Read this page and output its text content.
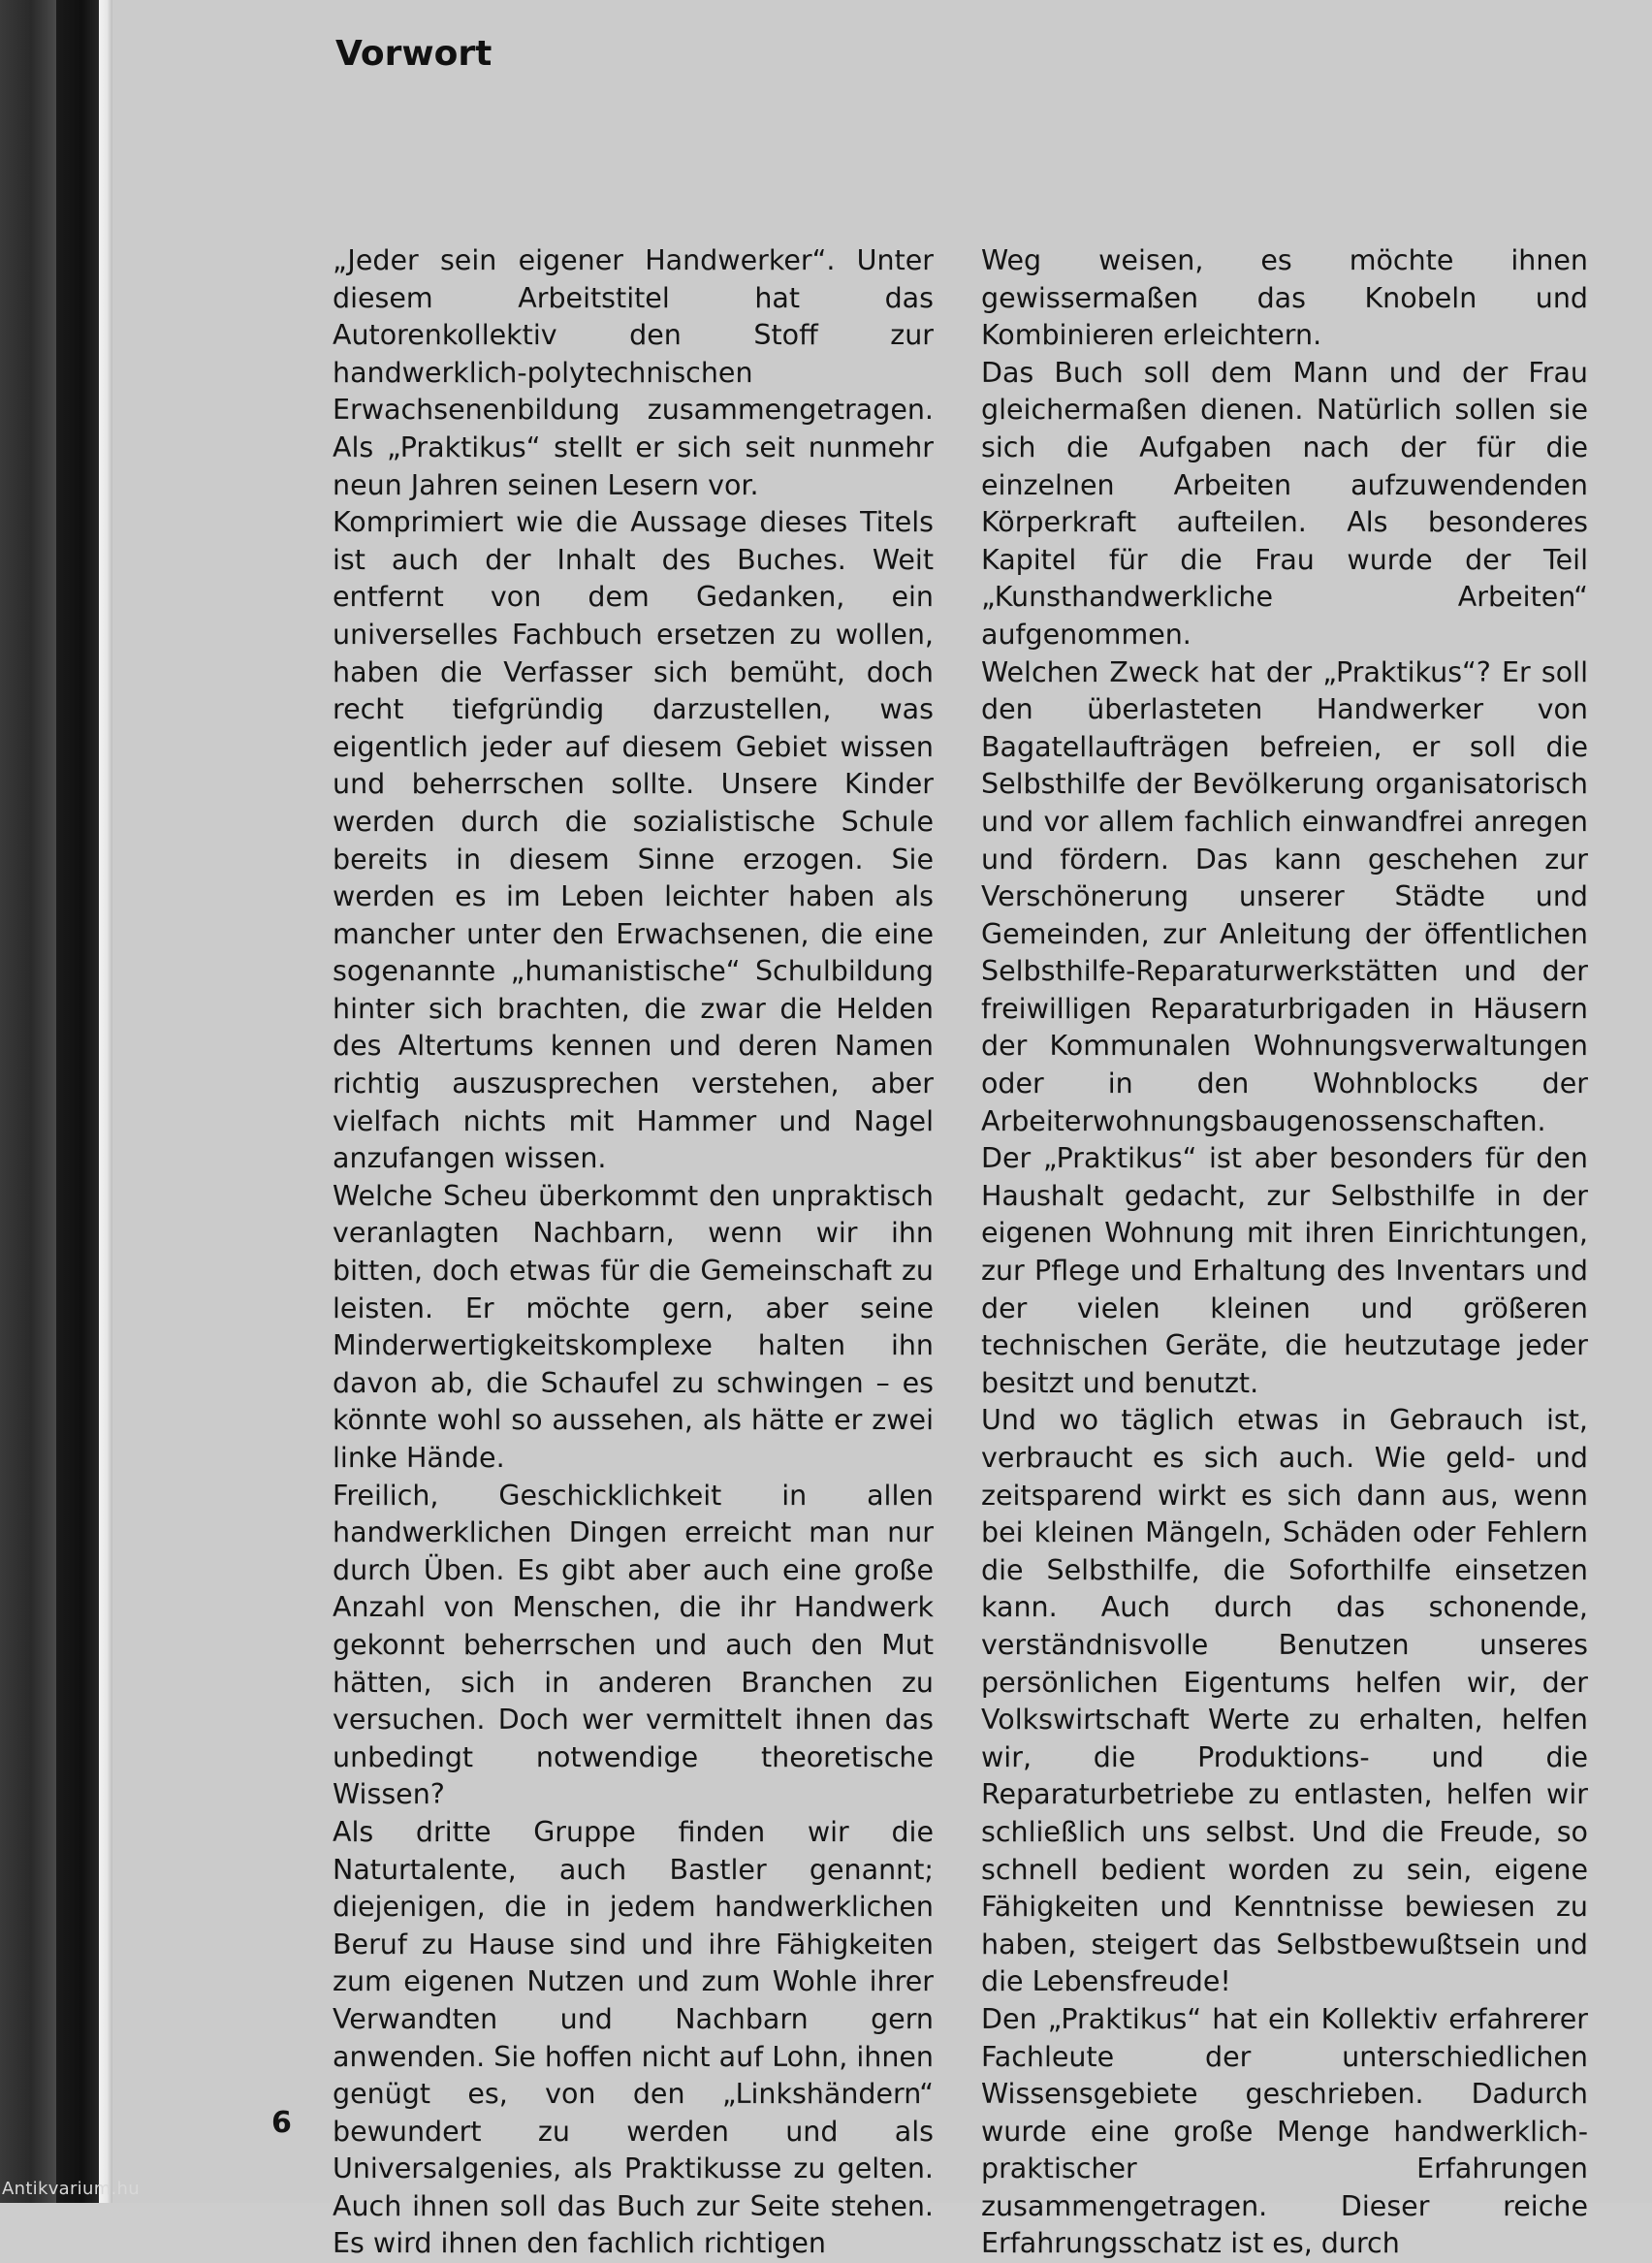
Vorwort

„Jeder sein eigener Handwerker“. Unter diesem Arbeitstitel hat das Autorenkollektiv den Stoff zur handwerklich-polytechnischen Erwachsenenbildung zusammengetragen. Als „Praktikus“ stellt er sich seit nunmehr neun Jahren seinen Lesern vor.

Komprimiert wie die Aussage dieses Titels ist auch der Inhalt des Buches. Weit entfernt von dem Gedanken, ein universelles Fachbuch ersetzen zu wollen, haben die Verfasser sich bemüht, doch recht tiefgründig darzustellen, was eigentlich jeder auf diesem Gebiet wissen und beherrschen sollte. Unsere Kinder werden durch die sozialistische Schule bereits in diesem Sinne erzogen. Sie werden es im Leben leichter haben als mancher unter den Erwachsenen, die eine sogenannte „humanistische“ Schulbildung hinter sich brachten, die zwar die Helden des Altertums kennen und deren Namen richtig auszusprechen verstehen, aber vielfach nichts mit Hammer und Nagel anzufangen wissen.

Welche Scheu überkommt den unpraktisch veranlagten Nachbarn, wenn wir ihn bitten, doch etwas für die Gemeinschaft zu leisten. Er möchte gern, aber seine Minderwertigkeitskomplexe halten ihn davon ab, die Schaufel zu schwingen – es könnte wohl so aussehen, als hätte er zwei linke Hände.

Freilich, Geschicklichkeit in allen handwerklichen Dingen erreicht man nur durch Üben. Es gibt aber auch eine große Anzahl von Menschen, die ihr Handwerk gekonnt beherrschen und auch den Mut hätten, sich in anderen Branchen zu versuchen. Doch wer vermittelt ihnen das unbedingt notwendige theoretische Wissen?

Als dritte Gruppe finden wir die Naturtalente, auch Bastler genannt; diejenigen, die in jedem handwerklichen Beruf zu Hause sind und ihre Fähigkeiten zum eigenen Nutzen und zum Wohle ihrer Verwandten und Nachbarn gern anwenden. Sie hoffen nicht auf Lohn, ihnen genügt es, von den „Linkshändern“ bewundert zu werden und als Universalgenies, als Praktikusse zu gelten. Auch ihnen soll das Buch zur Seite stehen. Es wird ihnen den fachlich richtigen

Weg weisen, es möchte ihnen gewissermaßen das Knobeln und Kombinieren erleichtern.

Das Buch soll dem Mann und der Frau gleichermaßen dienen. Natürlich sollen sie sich die Aufgaben nach der für die einzelnen Arbeiten aufzuwendenden Körperkraft aufteilen. Als besonderes Kapitel für die Frau wurde der Teil „Kunsthandwerkliche Arbeiten“ aufgenommen.

Welchen Zweck hat der „Praktikus“? Er soll den überlasteten Handwerker von Bagatellaufträgen befreien, er soll die Selbsthilfe der Bevölkerung organisatorisch und vor allem fachlich einwandfrei anregen und fördern. Das kann geschehen zur Verschönerung unserer Städte und Gemeinden, zur Anleitung der öffentlichen Selbsthilfe-Reparaturwerkstätten und der freiwilligen Reparaturbrigaden in Häusern der Kommunalen Wohnungsverwaltungen oder in den Wohnblocks der Arbeiterwohnungsbaugenossenschaften. Der „Praktikus“ ist aber besonders für den Haushalt gedacht, zur Selbsthilfe in der eigenen Wohnung mit ihren Einrichtungen, zur Pflege und Erhaltung des Inventars und der vielen kleinen und größeren technischen Geräte, die heutzutage jeder besitzt und benutzt.

Und wo täglich etwas in Gebrauch ist, verbraucht es sich auch. Wie geld- und zeitsparend wirkt es sich dann aus, wenn bei kleinen Mängeln, Schäden oder Fehlern die Selbsthilfe, die Soforthilfe einsetzen kann. Auch durch das schonende, verständnisvolle Benutzen unseres persönlichen Eigentums helfen wir, der Volkswirtschaft Werte zu erhalten, helfen wir, die Produktions- und die Reparaturbetriebe zu entlasten, helfen wir schließlich uns selbst. Und die Freude, so schnell bedient worden zu sein, eigene Fähigkeiten und Kenntnisse bewiesen zu haben, steigert das Selbstbewußtsein und die Lebensfreude!

Den „Praktikus“ hat ein Kollektiv erfahrerer Fachleute der unterschiedlichen Wissensgebiete geschrieben. Dadurch wurde eine große Menge handwerklich-praktischer Erfahrungen zusammengetragen. Dieser reiche Erfahrungsschatz ist es, durch

6
Antikvarium.hu
